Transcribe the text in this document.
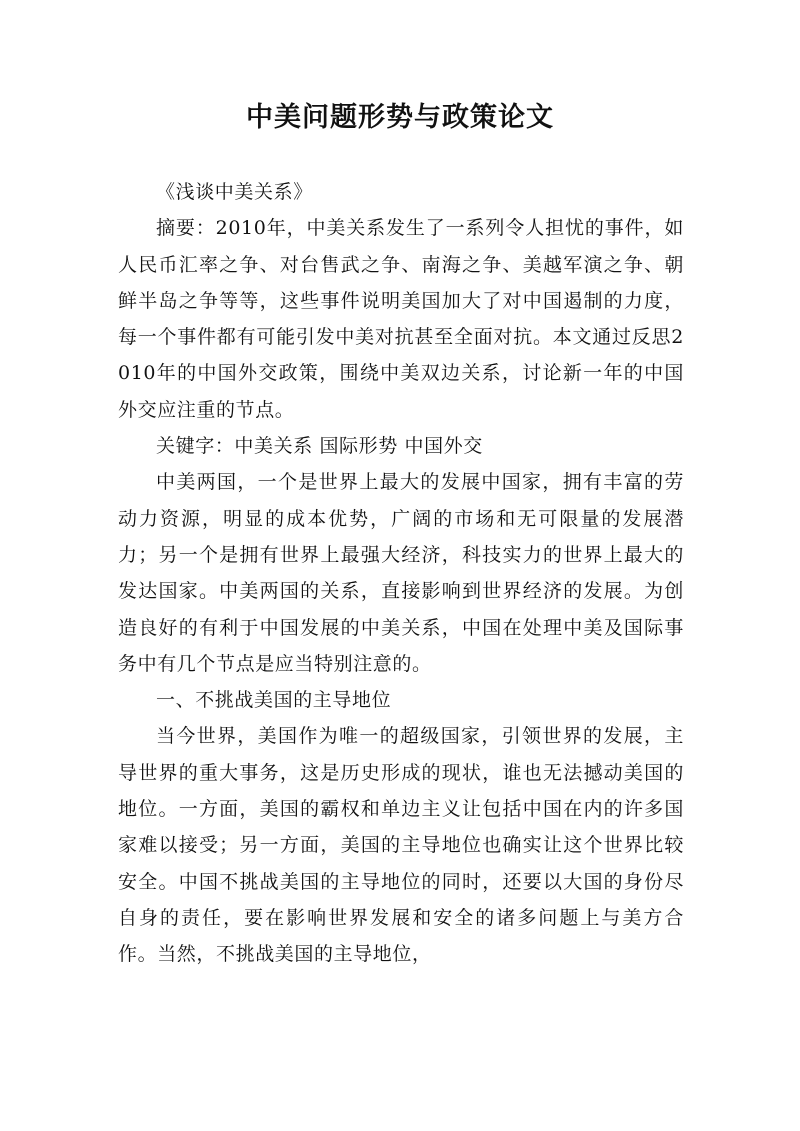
中美问题形势与政策论文

《浅谈中美关系》

摘要：2010年，中美关系发生了一系列令人担忧的事件，如人民币汇率之争、对台售武之争、南海之争、美越军演之争、朝鲜半岛之争等等，这些事件说明美国加大了对中国遏制的力度，每一个事件都有可能引发中美对抗甚至全面对抗。本文通过反思2010年的中国外交政策，围绕中美双边关系，讨论新一年的中国外交应注重的节点。

关键字：中美关系 国际形势 中国外交

中美两国，一个是世界上最大的发展中国家，拥有丰富的劳动力资源，明显的成本优势，广阔的市场和无可限量的发展潜力；另一个是拥有世界上最强大经济，科技实力的世界上最大的发达国家。中美两国的关系，直接影响到世界经济的发展。为创造良好的有利于中国发展的中美关系，中国在处理中美及国际事务中有几个节点是应当特别注意的。

一、不挑战美国的主导地位

当今世界，美国作为唯一的超级国家，引领世界的发展，主导世界的重大事务，这是历史形成的现状，谁也无法撼动美国的地位。一方面，美国的霸权和单边主义让包括中国在内的许多国家难以接受；另一方面，美国的主导地位也确实让这个世界比较安全。中国不挑战美国的主导地位的同时，还要以大国的身份尽自身的责任，要在影响世界发展和安全的诸多问题上与美方合作。当然，不挑战美国的主导地位，
